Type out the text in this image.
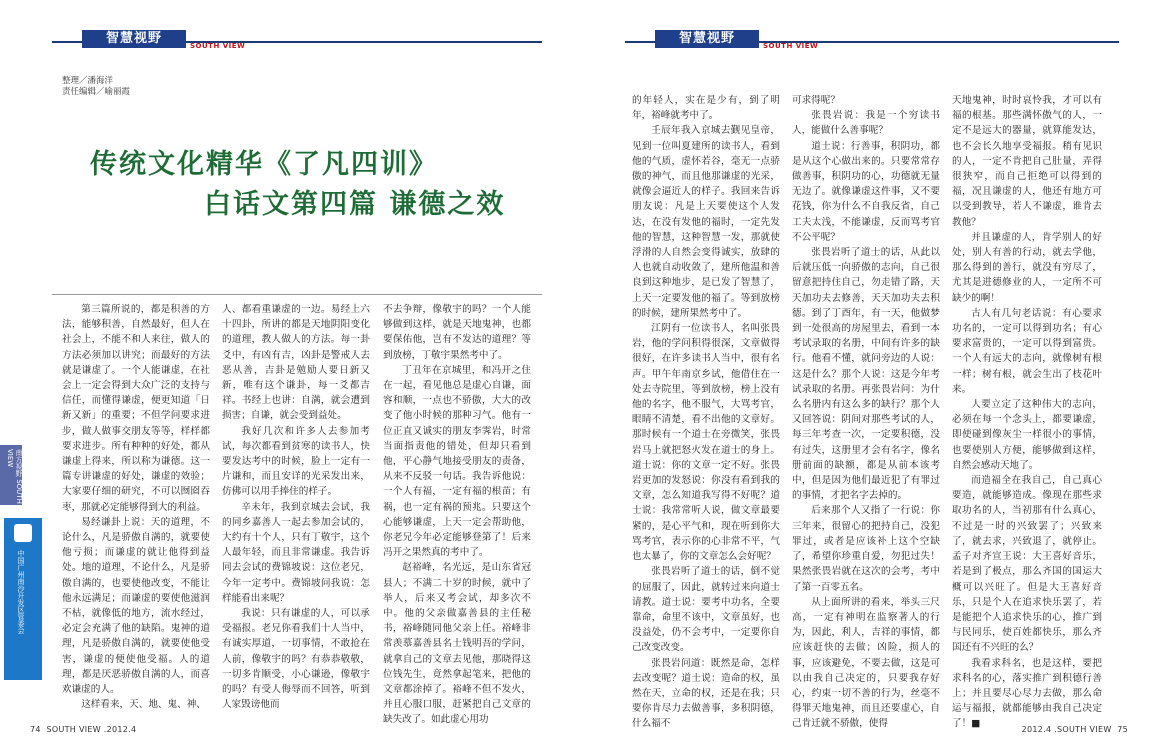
智慧视野	SOUTH VIEW
整理／潘海洋
责任编辑／喻丽霞
传统文化精华《了凡四训》
白话文第四篇 谦德之效

第三篇所说的，都是积善的方法，能够积善，自然最好，但人在社会上，不能不和人来往，做人的方法必须加以讲究；而最好的方法就是谦虚了。一个人能谦虚，在社会上一定会得到大众广泛的支持与信任，而懂得谦虚，便更知道「日新又新」的重要；不但学问要求进步，做人做事交朋友等等，样样都要求进步。所有种种的好处，都从谦虚上得来，所以称为谦德。这一篇专讲谦虚的好处，谦虚的效验；大家要仔细的研究，不可以囫囵吞枣，那就必定能够得到大的利益。

易经谦卦上说：天的道理，不论什么，凡是骄傲自满的，就要使他亏损；而谦虚的就让他得到益处。地的道理，不论什么，凡是骄傲自满的，也要使他改变，不能让他永远满足；而谦虚的要使他滋润不枯，就像低的地方，流水经过，必定会充满了他的缺陷。鬼神的道理，凡是骄傲自满的，就要使他受害，谦虚的便使他受福。人的道理，都是厌恶骄傲自满的人，而喜欢谦虚的人。

这样看来，天、地、鬼、神、

人、都看重谦虚的一边。易经上六十四卦，所讲的都是天地阴阳变化的道理，教人做人的方法。每一卦爻中，有凶有吉，凶卦是警戒人去恶从善，吉卦是勉励人要日新又新，唯有这个谦卦，每一爻都吉祥。书经上也讲：自满，就会遭到损害；自谦，就会受到益处。

我好几次和许多人去参加考试，每次都看到贫寒的读书人，快要发达考中的时候，脸上一定有一片谦和，而且安详的光采发出来，仿佛可以用手捧住的样子。

辛未年，我到京城去会试，我的同乡嘉善人一起去参加会试的，大约有十个人，只有丁敬宇，这个人最年轻，而且非常谦虚。我告诉同去会试的费锦坡说：这位老兄，今年一定考中。费锦坡问我说：怎样能看出来呢？

我说：只有谦虚的人，可以承受福报。老兄你看我们十人当中，有诚实厚道，一切事情，不敢抢在人前，像敬宇的吗？有恭恭敬敬，一切多肯顺受，小心谦逊，像敬宇的吗？有受人侮辱而不回答，听到人家毁谤他而

不去争辩，像敬宇的吗？一个人能够做到这样，就是天地鬼神，也都要保佑他，岂有不发达的道理？等到放榜，丁敬宇果然考中了。

丁丑年在京城里，和冯开之住在一起，看见他总是虚心自谦，面容和顺，一点也不骄傲，大大的改变了他小时候的那种习气。他有一位正直又诚实的朋友李霁岩，时常当面指责他的错处，但却只看到他，平心静气地接受朋友的责备，从来不反驳一句话。我告诉他说：一个人有福，一定有福的根苗；有祸，也一定有祸的预兆。只要这个心能够谦虚，上天一定会帮助他，你老兄今年必定能够登第了！后来冯开之果然真的考中了。

赵裕峰，名光远，是山东省冠县人；不满二十岁的时候，就中了举人，后来又考会试，却多次不中。他的父亲做嘉善县的主任秘书，裕峰随同他父亲上任。裕峰非常羡慕嘉善县名士钱明吾的学问，就拿自己的文章去见他，那晓得这位钱先生，竟然拿起笔来，把他的文章都涂掉了。裕峰不但不发火，并且心服口服，赶紧把自己文章的缺失改了。如此虚心用功

南方视野 SOUTH VIEW
中国广州南沙开发区管委会
74 SOUTH VIEW .2012.4
智慧视野	SOUTH VIEW

的年轻人，实在是少有，到了明年，裕峰就考中了。

壬辰年我入京城去觐见皇帝，见到一位叫夏建所的读书人，看到他的气质，虚怀若谷，毫无一点骄傲的神气，而且他那谦虚的光采，就像会逼近人的样子。我回来告诉朋友说：凡是上天要使这个人发达，在没有发他的福时，一定先发他的智慧，这种智慧一发，那就使浮滑的人自然会变得诚实，放肆的人也就自动收敛了，建所他温和善良到这种地步，是已发了智慧了，上天一定要发他的福了。等到放榜的时候，建所果然考中了。

江阴有一位读书人，名叫张畏岩，他的学问积得很深，文章做得很好，在许多读书人当中，很有名声。甲午年南京乡试，他借住在一处去寺院里，等到放榜，榜上没有他的名字，他不服气，大骂考官，眼睛不清楚，看不出他的文章好。那时候有一个道士在旁微笑，张畏岩马上就把怒火发在道士的身上。道士说：你的文章一定不好。张畏岩更加的发怒说：你没有看到我的文章，怎么知道我写得不好呢？道士说：我常常听人说，做文章最要紧的，是心平气和，现在听到你大骂考官，表示你的心非常不平，气也太暴了，你的文章怎么会好呢？

张畏岩听了道士的话，倒不觉的屈服了，因此，就转过来向道士请教。道士说：要考中功名，全要靠命，命里不该中，文章虽好，也没益处，仍不会考中，一定要你自己改变改变。

张畏岩问道：既然是命，怎样去改变呢？道士说：造命的权，虽然在天，立命的权，还是在我；只要你肯尽力去做善事，多积阴德，什么福不

可求得呢？

张畏岩说：我是一个穷读书人，能做什么善事呢？

道士说：行善事，积阴功，都是从这个心做出来的。只要常常存做善事，积阴功的心，功德就无量无边了。就像谦虚这件事，又不要花钱，你为什么不自我反省，自己工夫太浅，不能谦虚，反而骂考官不公平呢？

张畏岩听了道士的话，从此以后就压低一向骄傲的志向，自己很留意把持住自己，勿走错了路，天天加功夫去修善，天天加功夫去积德。到了丁酉年，有一天，他做梦到一处很高的房屋里去，看到一本考试录取的名册，中间有许多的缺行。他看不懂，就问旁边的人说：这是什么？那个人说：这是今年考试录取的名册。再张畏岩问：为什么名册内有这么多的缺行？那个人又回答说：阴间对那些考试的人，每三年考查一次，一定要积德，没有过失，这册里才会有名字，像名册前面的缺额，都是从前本该考中，但是因为他们最近犯了有罪过的事情，才把名字去掉的。

后来那个人又指了一行说：你三年来，很留心的把持自己，没犯罪过，或者是应该补上这个空缺了，希望你珍重自爱，勿犯过失！果然张畏岩就在这次的会考，考中了第一百零五名。

从上面所讲的看来，举头三尺高，一定有神明在监察著人的行为，因此，利人，吉祥的事情，都应该赶快的去做；凶险，损人的事，应该避免，不要去做，这是可以由我自己决定的，只要我存好心，约束一切不善的行为，丝毫不得罪天地鬼神，而且还要虚心，自己肯迁就不骄傲，使得

天地鬼神，时时哀怜我，才可以有福的根基。那些满怀傲气的人，一定不是远大的器量，就算能发达，也不会长久地享受福报。稍有见识的人，一定不肯把自己肚量，弄得很狭窄，而自己拒绝可以得到的福，况且谦虚的人，他还有地方可以受到教导，若人不谦虚，谁肯去教他？

并且谦虚的人，肯学别人的好处，别人有善的行动，就去学他，那么得到的善行，就没有穷尽了，尤其是进德修业的人，一定所不可缺少的啊！

古人有几句老话说：有心要求功名的，一定可以得到功名；有心要求富贵的，一定可以得到富贵。一个人有远大的志向，就像树有根一样；树有根，就会生出了枝花叶来。

人要立定了这种伟大的志向，必须在每一个念头上，都要谦虚，即使碰到像灰尘一样很小的事情，也要使别人方便，能够做到这样，自然会感动天地了。

而造福全在我自己，自己真心要造，就能够造成。像现在那些求取功名的人，当初那有什么真心，不过是一时的兴致罢了；兴致来了，就去求，兴致退了，就停止。孟子对齐宣王说：大王喜好音乐，若是到了极点，那么齐国的国运大概可以兴旺了。但是大王喜好音乐，只是个人在追求快乐罢了，若是能把个人追求快乐的心，推广到与民同乐，使百姓都快乐，那么齐国还有不兴旺的么？

我看求科名，也是这样，要把求科名的心，落实推广到积德行善上；并且要尽心尽力去做，那么命运与福报，就都能够由我自己决定了！■

2012.4 .SOUTH VIEW 75
